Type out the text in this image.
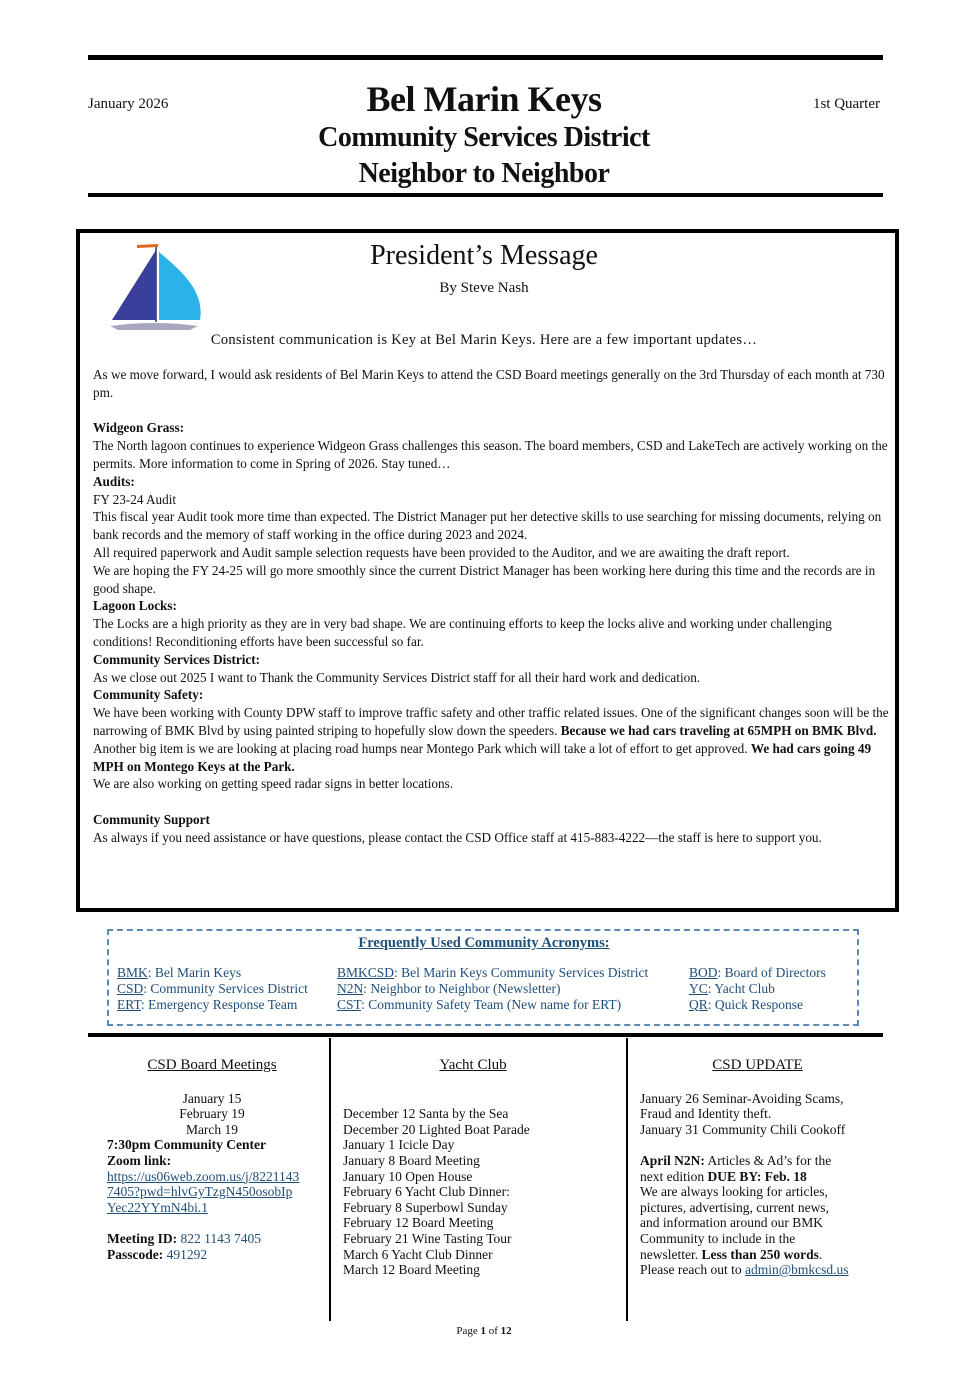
January 2026	1st Quarter
Bel Marin Keys
Community Services District
Neighbor to Neighbor
President’s Message
By Steve Nash
Consistent communication is Key at Bel Marin Keys. Here are a few important updates…

As we move forward, I would ask residents of Bel Marin Keys to attend the CSD Board meetings generally on the 3rd Thursday of each month at 730 pm.

Widgeon Grass:

The North lagoon continues to experience Widgeon Grass challenges this season. The board members, CSD and LakeTech are actively working on the permits. More information to come in Spring of 2026. Stay tuned…

Audits:

FY 23-24 Audit

This fiscal year Audit took more time than expected. The District Manager put her detective skills to use searching for missing documents, relying on bank records and the memory of staff working in the office during 2023 and 2024.

All required paperwork and Audit sample selection requests have been provided to the Auditor, and we are awaiting the draft report.

We are hoping the FY 24-25 will go more smoothly since the current District Manager has been working here during this time and the records are in good shape.

Lagoon Locks:

The Locks are a high priority as they are in very bad shape. We are continuing efforts to keep the locks alive and working under challenging conditions! Reconditioning efforts have been successful so far.

Community Services District:

As we close out 2025 I want to Thank the Community Services District staff for all their hard work and dedication.

Community Safety:

We have been working with County DPW staff to improve traffic safety and other traffic related issues. One of the significant changes soon will be the narrowing of BMK Blvd by using painted striping to hopefully slow down the speeders. Because we had cars traveling at 65MPH on BMK Blvd.

Another big item is we are looking at placing road humps near Montego Park which will take a lot of effort to get approved. We had cars going 49 MPH on Montego Keys at the Park.

We are also working on getting speed radar signs in better locations.

Community Support

As always if you need assistance or have questions, please contact the CSD Office staff at 415-883-4222—the staff is here to support you.

Frequently Used Community Acronyms:
BMK: Bel Marin Keys
CSD: Community Services District
ERT: Emergency Response Team
BMKCSD: Bel Marin Keys Community Services District
N2N: Neighbor to Neighbor (Newsletter)
CST: Community Safety Team (New name for ERT)
BOD: Board of Directors
YC: Yacht Club
QR: Quick Response
CSD Board Meetings
January 15
February 19
March 19
7:30pm Community Center
Zoom link:
https://us06web.zoom.us/j/8221143
7405?pwd=hlvGyTzgN450osobIp
Yec22YYmN4bi.1
Meeting ID: 822 1143 7405
Passcode: 491292
Yacht Club
December 12 Santa by the Sea
December 20 Lighted Boat Parade
January 1 Icicle Day
January 8 Board Meeting
January 10 Open House
February 6 Yacht Club Dinner:
February 8 Superbowl Sunday
February 12 Board Meeting
February 21 Wine Tasting Tour
March 6 Yacht Club Dinner
March 12 Board Meeting
CSD UPDATE
January 26 Seminar-Avoiding Scams,
Fraud and Identity theft.
January 31 Community Chili Cookoff
April N2N: Articles & Ad’s for the
next edition DUE BY: Feb. 18
We are always looking for articles,
pictures, advertising, current news,
and information around our BMK
Community to include in the
newsletter. Less than 250 words.
Please reach out to admin@bmkcsd.us
Page 1 of 12
